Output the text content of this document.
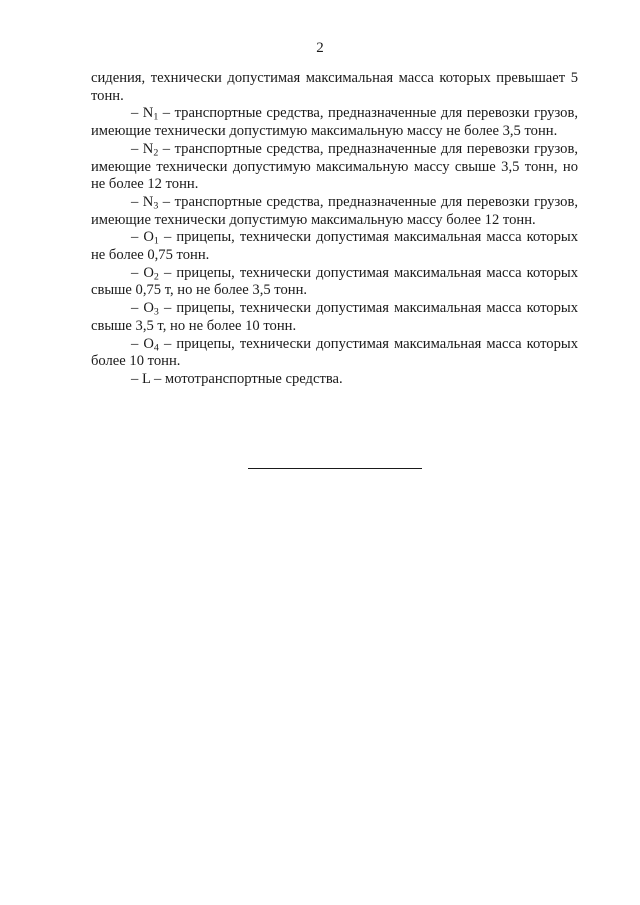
2

сидения, технически допустимая максимальная масса которых превышает 5 тонн.

– $N_1$ – транспортные средства, предназначенные для перевозки грузов, имеющие технически допустимую максимальную массу не более 3,5 тонн.

– $N_2$ – транспортные средства, предназначенные для перевозки грузов, имеющие технически допустимую максимальную массу свыше 3,5 тонн, но не более 12 тонн.

– $N_3$ – транспортные средства, предназначенные для перевозки грузов, имеющие технически допустимую максимальную массу более 12 тонн.

– $O_1$ – прицепы, технически допустимая максимальная масса которых не более 0,75 тонн.

– $O_2$ – прицепы, технически допустимая максимальная масса которых свыше 0,75 т, но не более 3,5 тонн.

– $O_3$ – прицепы, технически допустимая максимальная масса которых свыше 3,5 т, но не более 10 тонн.

– $O_4$ – прицепы, технически допустимая максимальная масса которых более 10 тонн.

– L – мототранспортные средства.
